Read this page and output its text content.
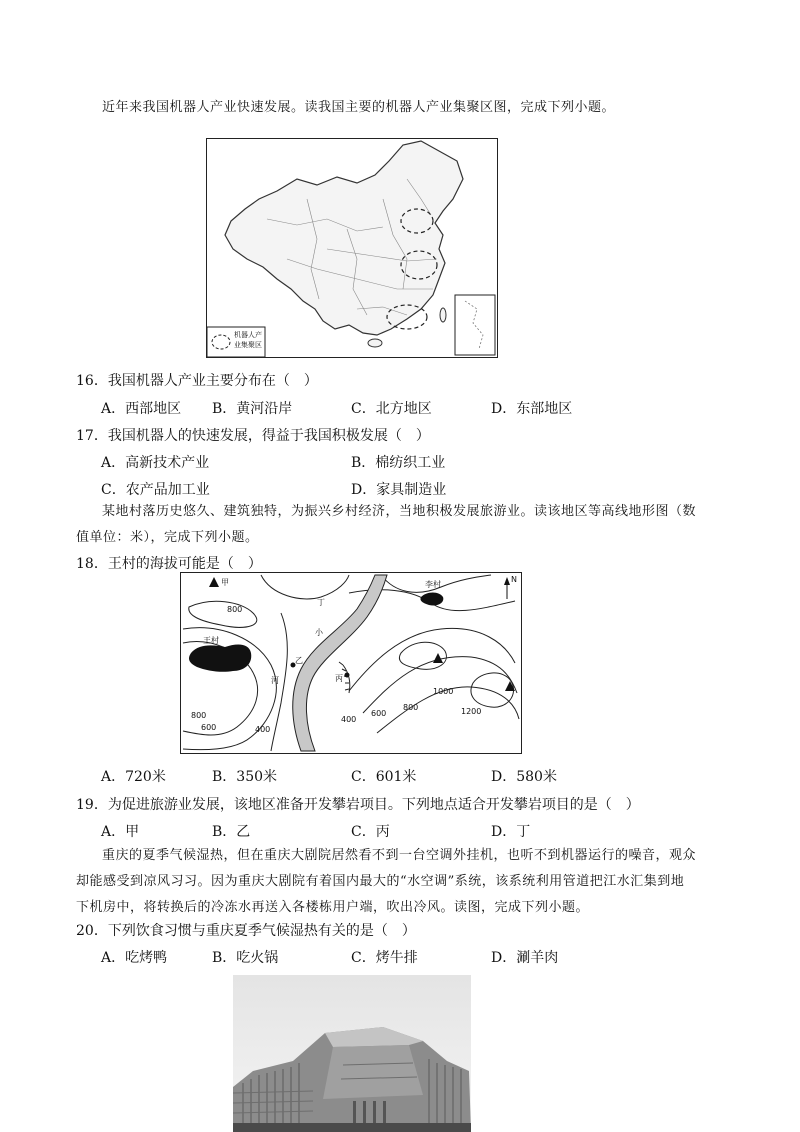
近年来我国机器人产业快速发展。读我国主要的机器人产业集聚区图，完成下列小题。
机器人产
业集聚区
16．我国机器人产业主要分布在（　）
A．西部地区 B．黄河沿岸	C．北方地区	D．东部地区
17．我国机器人的快速发展，得益于我国积极发展（　）
A．高新技术产业	B．棉纺织工业
C．农产品加工业	D．家具制造业
某地村落历史悠久、建筑独特，为振兴乡村经济，当地积极发展旅游业。读该地区等高线地形图（数
值单位：米），完成下列小题。
18．王村的海拔可能是（　）
甲
乙
丙
丁
王村
李村
N
小
河
800
600
800
400
400
600
800
1000
1200
A．720米	B．350米	C．601米	D．580米
19．为促进旅游业发展，该地区准备开发攀岩项目。下列地点适合开发攀岩项目的是（　）
A．甲	B．乙	C．丙	D．丁
重庆的夏季气候湿热，但在重庆大剧院居然看不到一台空调外挂机，也听不到机器运行的噪音，观众
却能感受到凉风习习。因为重庆大剧院有着国内最大的“水空调”系统，该系统利用管道把江水汇集到地
下机房中，将转换后的冷冻水再送入各楼栋用户端，吹出冷风。读图，完成下列小题。
20．下列饮食习惯与重庆夏季气候湿热有关的是（　）
A．吃烤鸭	B．吃火锅	C．烤牛排	D．涮羊肉
